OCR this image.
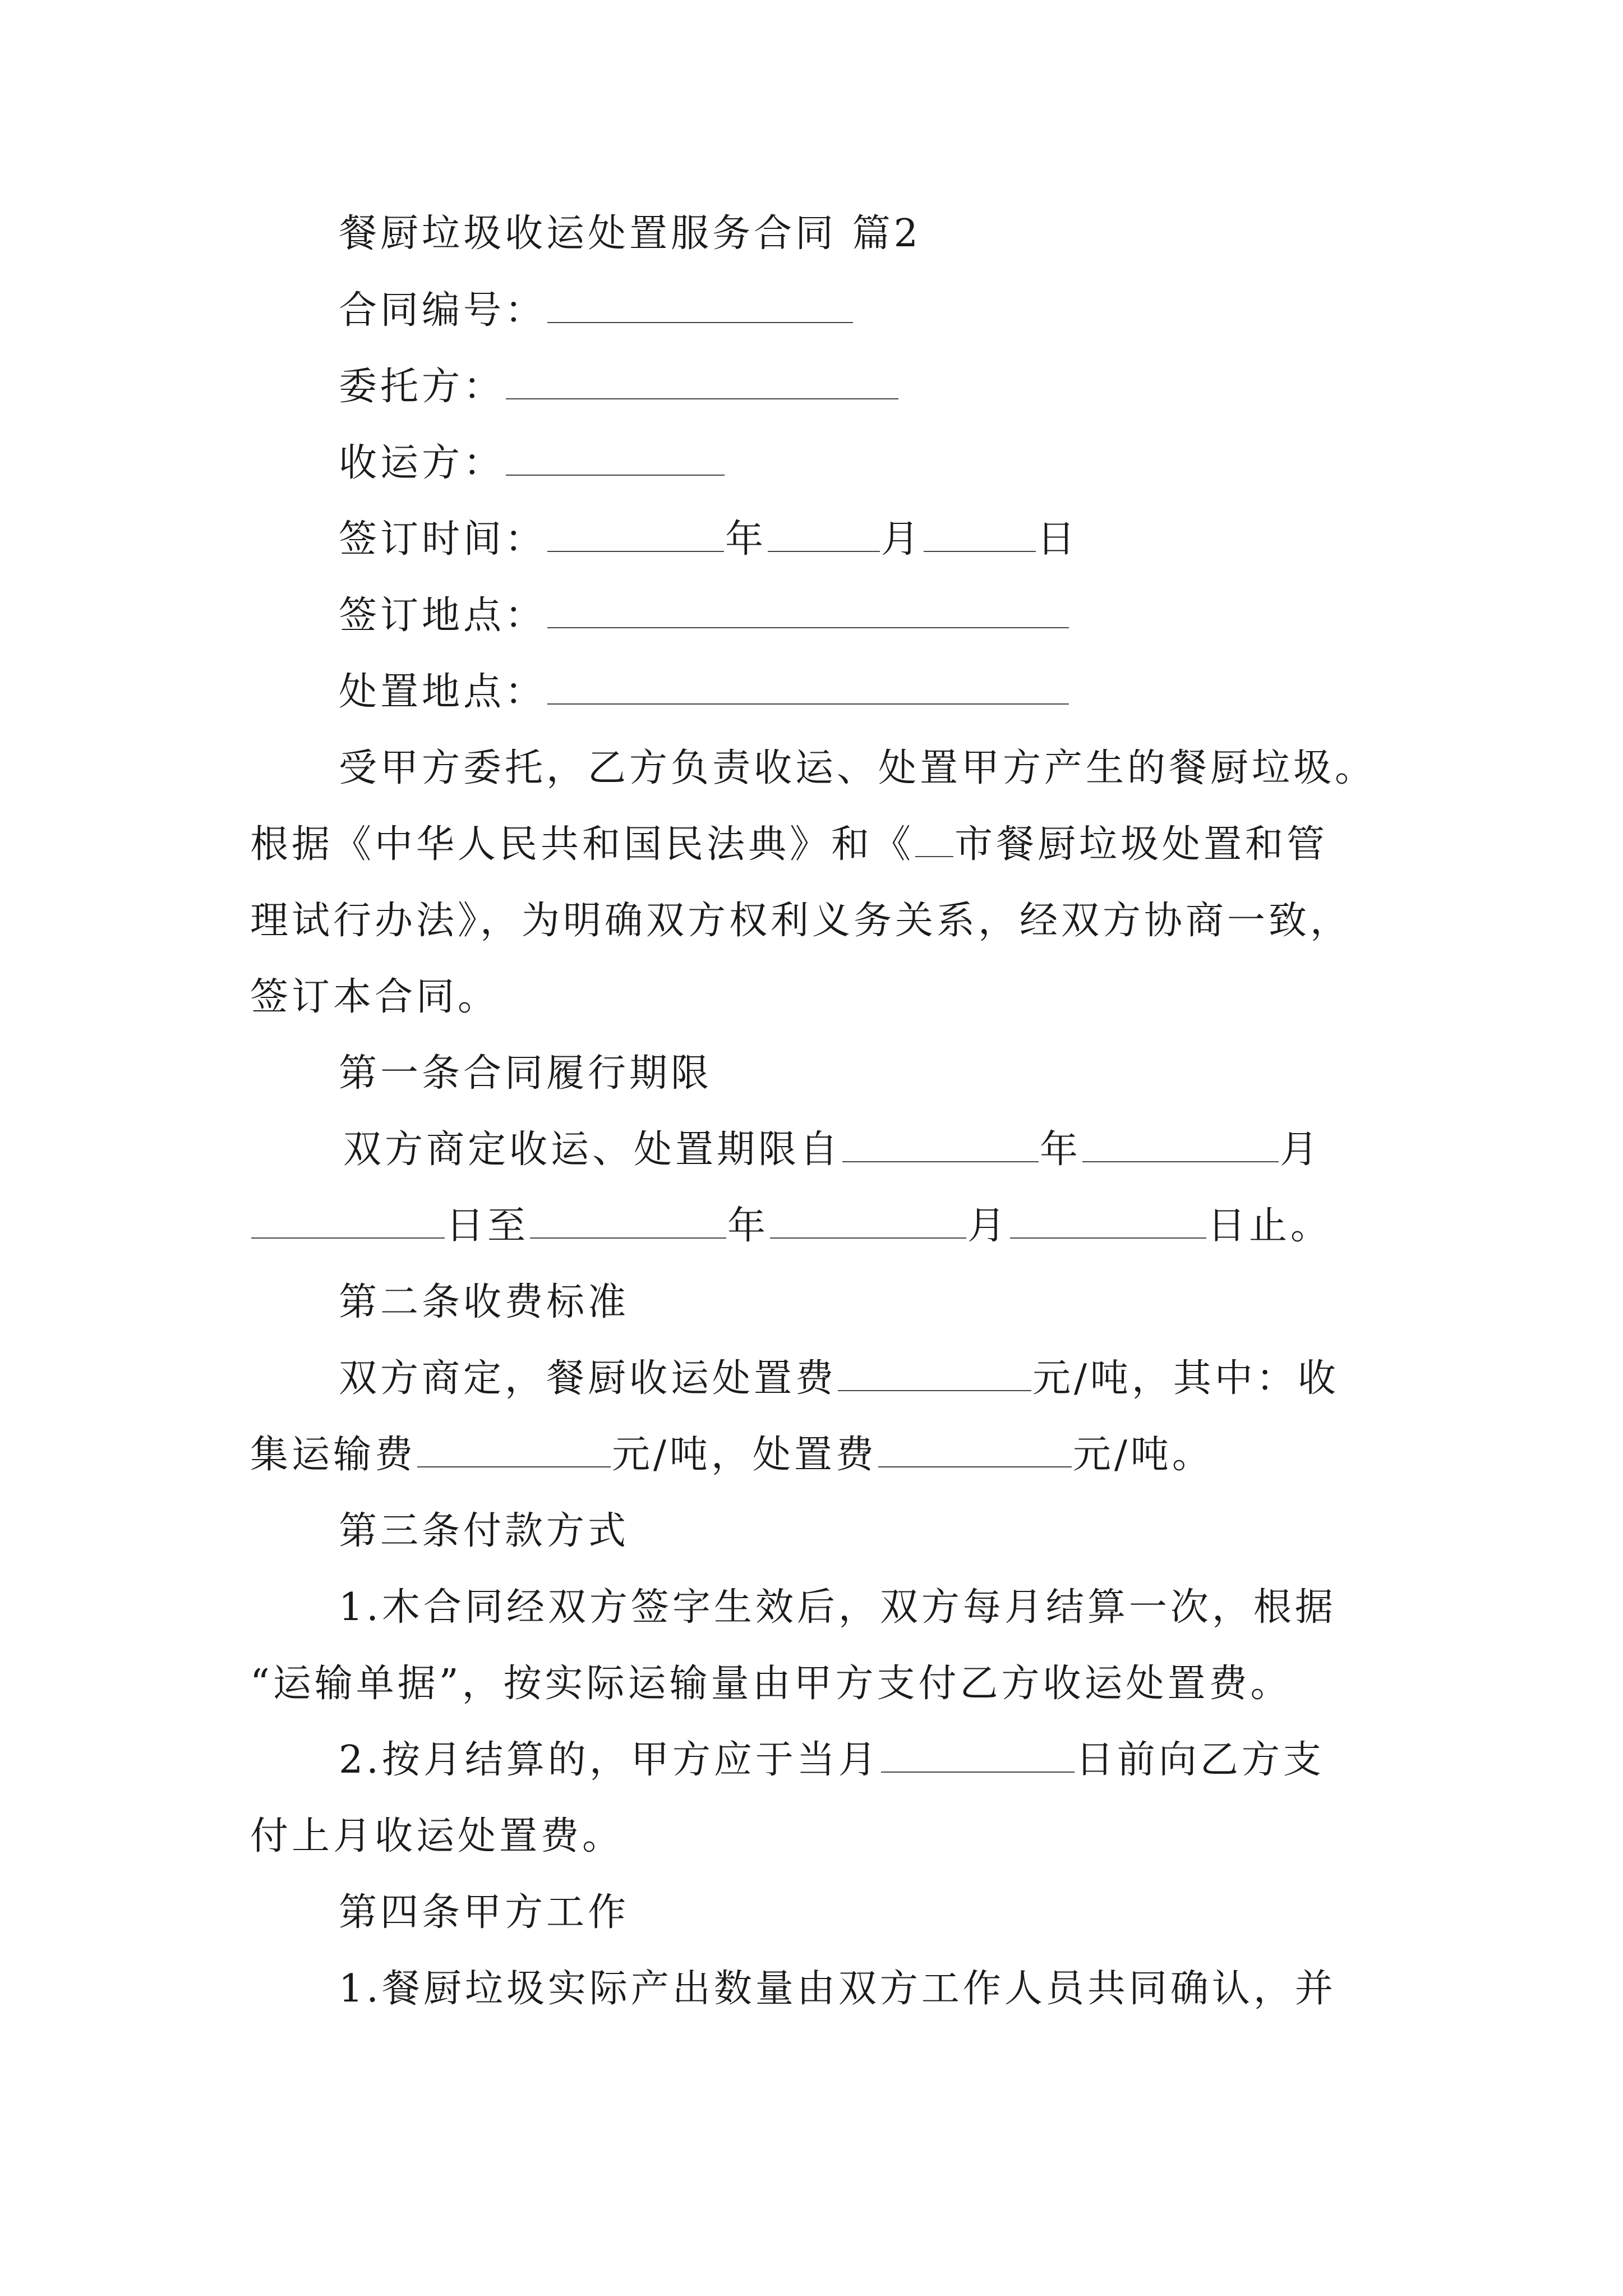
餐厨垃圾收运处置服务合同 篇2
合同编号：
委托方：
收运方：
签订时间：	年	月	日
签订地点：
处置地点：
受甲方委托，乙方负责收运、处置甲方产生的餐厨垃圾。
根据《中华人民共和国民法典》和《 市餐厨垃圾处置和管
理试行办法》，为明确双方权利义务关系，经双方协商一致，
签订本合同。
第一条合同履行期限
双方商定收运、处置期限自	年	月
日至	年	月	日止。
第二条收费标准
双方商定，餐厨收运处置费	元/吨，其中：收
集运输费	元/吨，处置费	元/吨。
第三条付款方式
1.木合同经双方签字生效后，双方每月结算一次，根据
“运输单据”，按实际运输量由甲方支付乙方收运处置费。
2.按月结算的，甲方应于当月	日前向乙方支
付上月收运处置费。
第四条甲方工作
1.餐厨垃圾实际产出数量由双方工作人员共同确认，并
